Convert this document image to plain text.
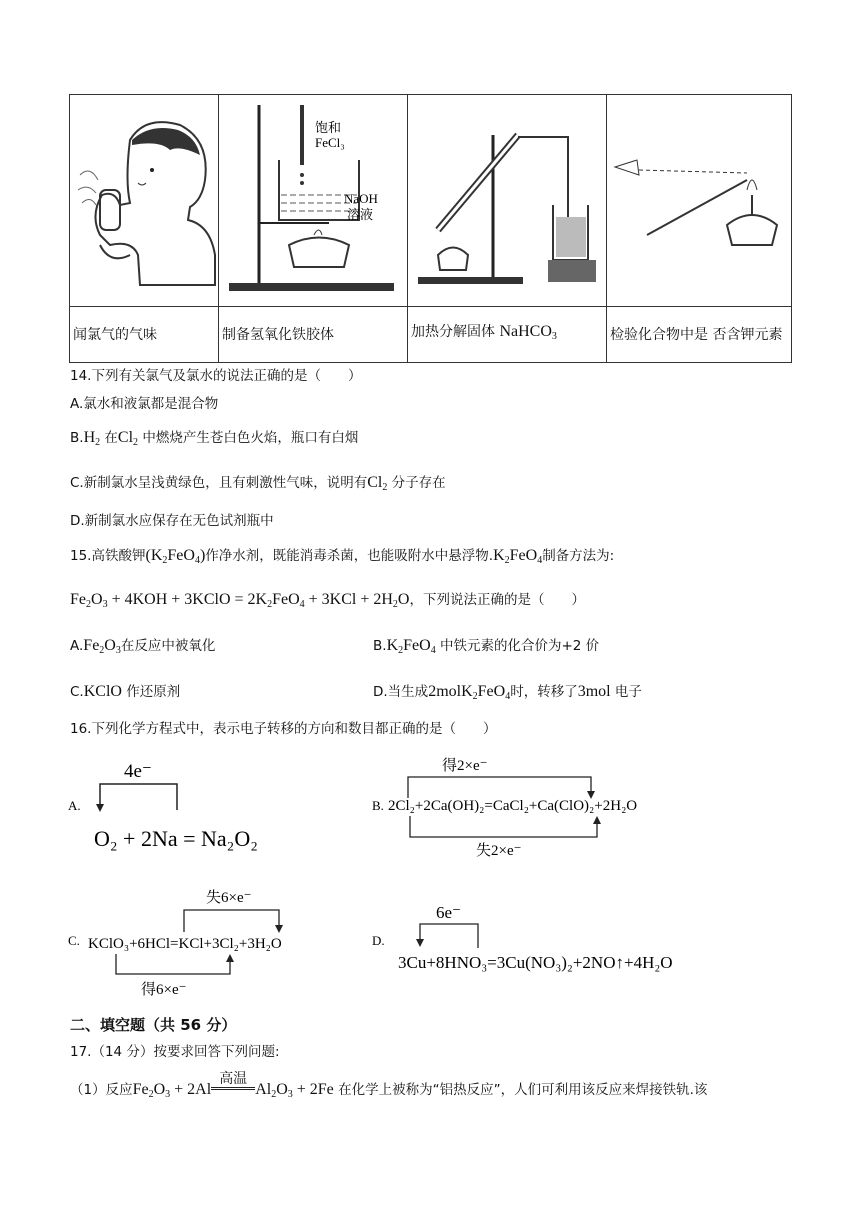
饱和
FeCl₃
NaOH
溶液

闻氯气的气味	制备氢氧化铁胶体	加热分解固体 NaHCO$_3$	检验化合物中是 否含钾元素
14.下列有关氯气及氯水的说法正确的是（　　）
A.氯水和液氯都是混合物
$B.H_2$ 在$Cl_2$ 中燃烧产生苍白色火焰，瓶口有白烟
C.新制氯水呈浅黄绿色，且有刺激性气味，说明有$Cl_2$ 分子存在
D.新制氯水应保存在无色试剂瓶中
15.高铁酸钾$(K_2FeO_4)$作净水剂，既能消毒杀菌，也能吸附水中悬浮物$.K_2FeO_4$制备方法为:
$Fe_2O_3 + 4KOH$ + 3KClO = $2K_2FeO_4 + 3KCl + 2H_2O$，下列说法正确的是（　　）
$A.Fe_2O_3$在反应中被氧化	$B.K_2FeO_4$ 中铁元素的化合价为+2 价
C.KClO 作还原剂	D.当生成2molK$_2$FeO$_4$时，转移了3mol 电子
16.下列化学方程式中，表示电子转移的方向和数目都正确的是（　　）
A.
4e⁻
O₂ + 2Na = Na₂O₂
B.
得2×e⁻
2Cl₂+2Ca(OH)₂=CaCl₂+Ca(ClO)₂+2H₂O
失2×e⁻
C.
失6×e⁻
KClO₃+6HCl=KCl+3Cl₂+3H₂O
得6×e⁻
D.
6e⁻
3Cu+8HNO₃=3Cu(NO₃)₂+2NO↑+4H₂O
二、填空题（共 56 分）
17.（14 分）按要求回答下列问题:
（1）反应$Fe_2O_3 + 2Al$
高温
$Al_2O_3 + 2Fe$ 在化学上被称为“铝热反应”，人们可利用该反应来焊接铁轨.该
